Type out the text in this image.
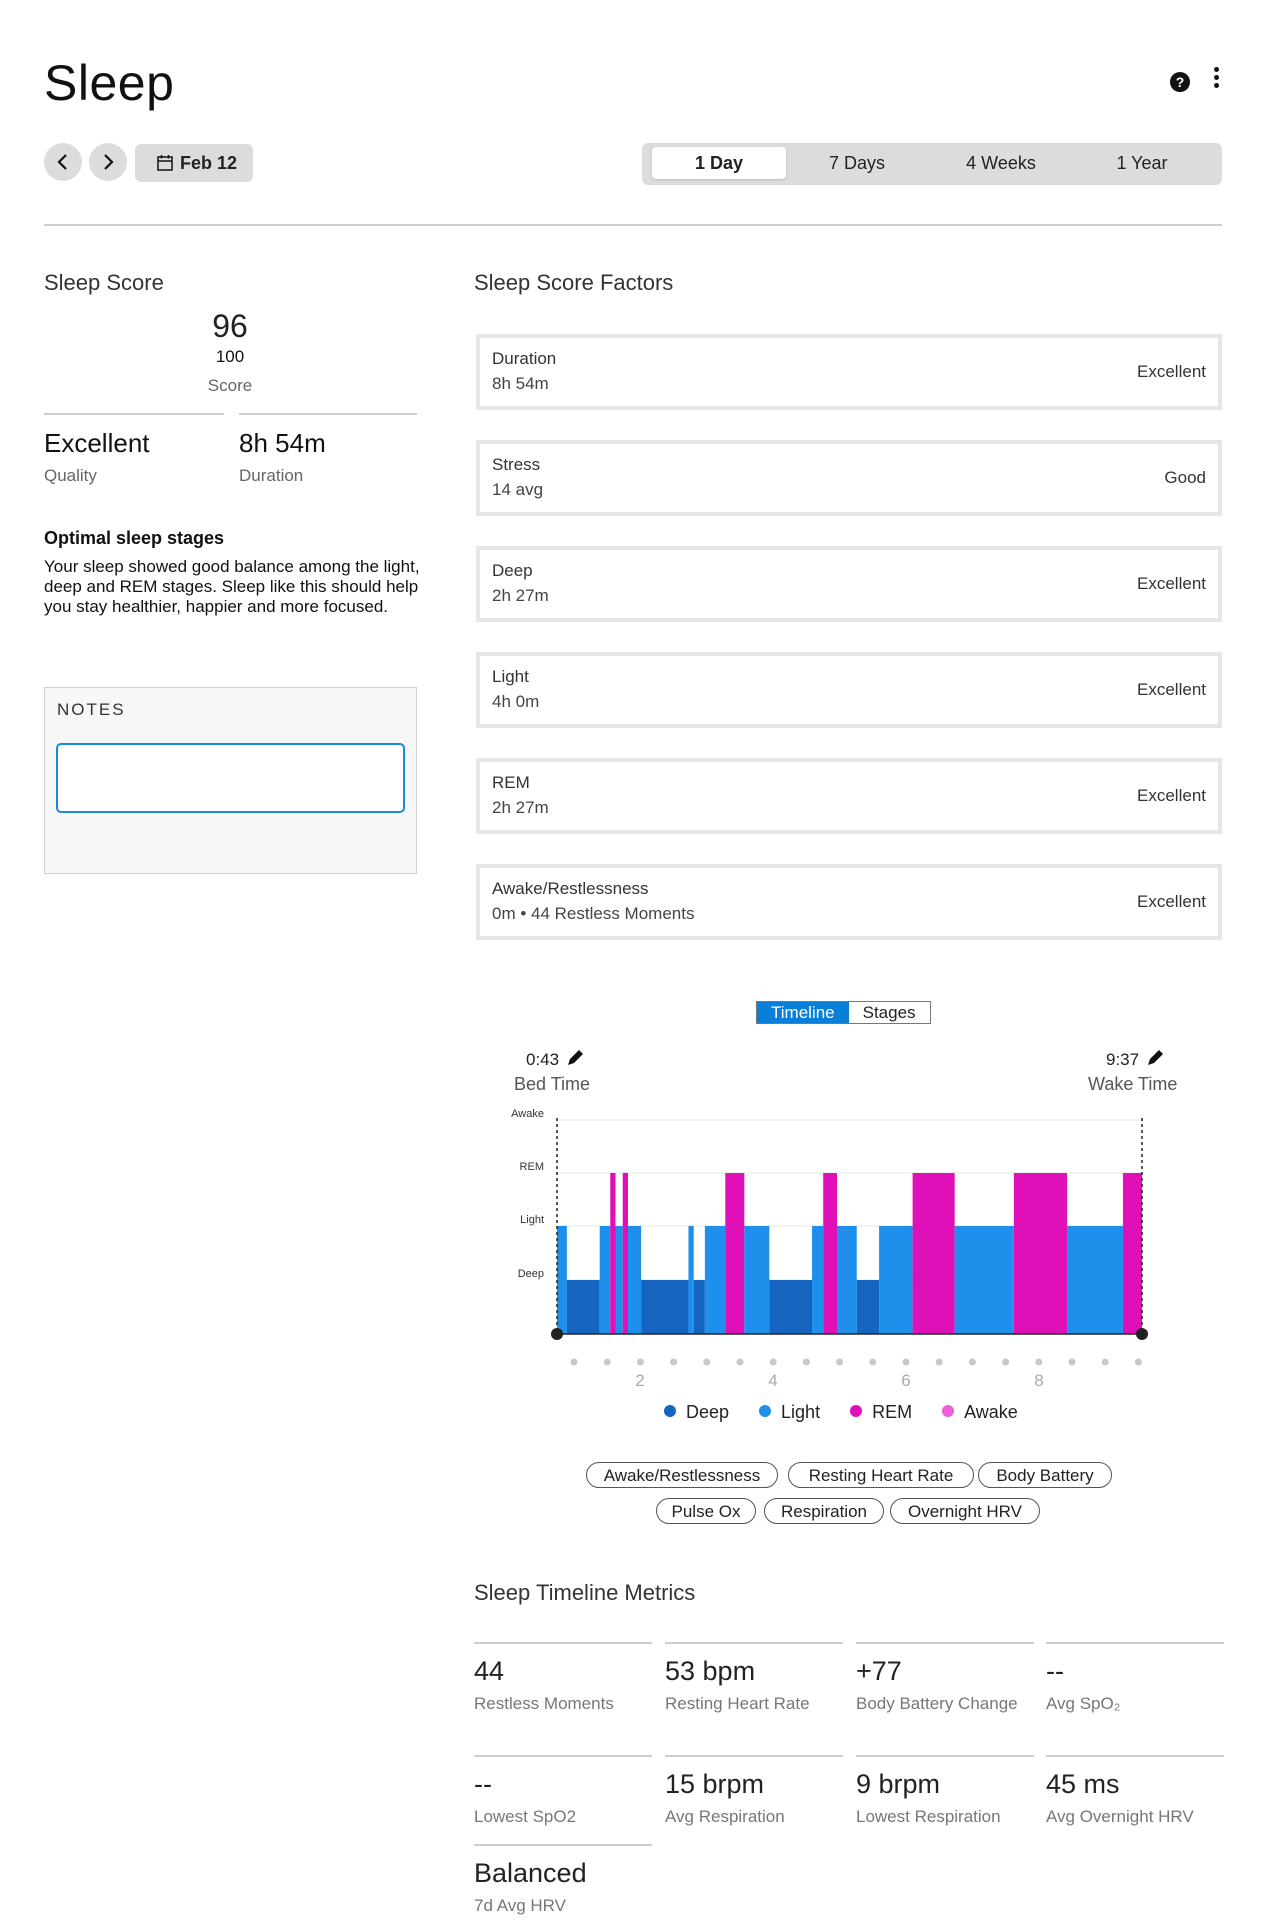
Sleep	?
Feb 12	1 Day	7 Days	4 Weeks	1 Year
Sleep Score
96
100
Score
Excellent
Quality
8h 54m
Duration
Optimal sleep stages
Your sleep showed good balance among the light, deep and REM stages. Sleep like this should help you stay healthier, happier and more focused.
NOTES
Sleep Score Factors
Duration
8h 54m
Excellent
Stress
14 avg
Good
Deep
2h 27m
Excellent
Light
4h 0m
Excellent
REM
2h 27m
Excellent
Awake/Restlessness
0m • 44 Restless Moments
Excellent
Timeline	Stages
0:43
Bed Time
9:37
Wake Time
Awake
REM
Light
Deep
2	4	6	8
Deep	Light	REM	Awake
Awake/Restlessness	Resting Heart Rate	Body Battery
Pulse Ox	Respiration	Overnight HRV
Sleep Timeline Metrics
44
Restless Moments
53 bpm
Resting Heart Rate
+77
Body Battery Change
--
Avg SpO₂
--
Lowest SpO2
15 brpm
Avg Respiration
9 brpm
Lowest Respiration
45 ms
Avg Overnight HRV
Balanced
7d Avg HRV
